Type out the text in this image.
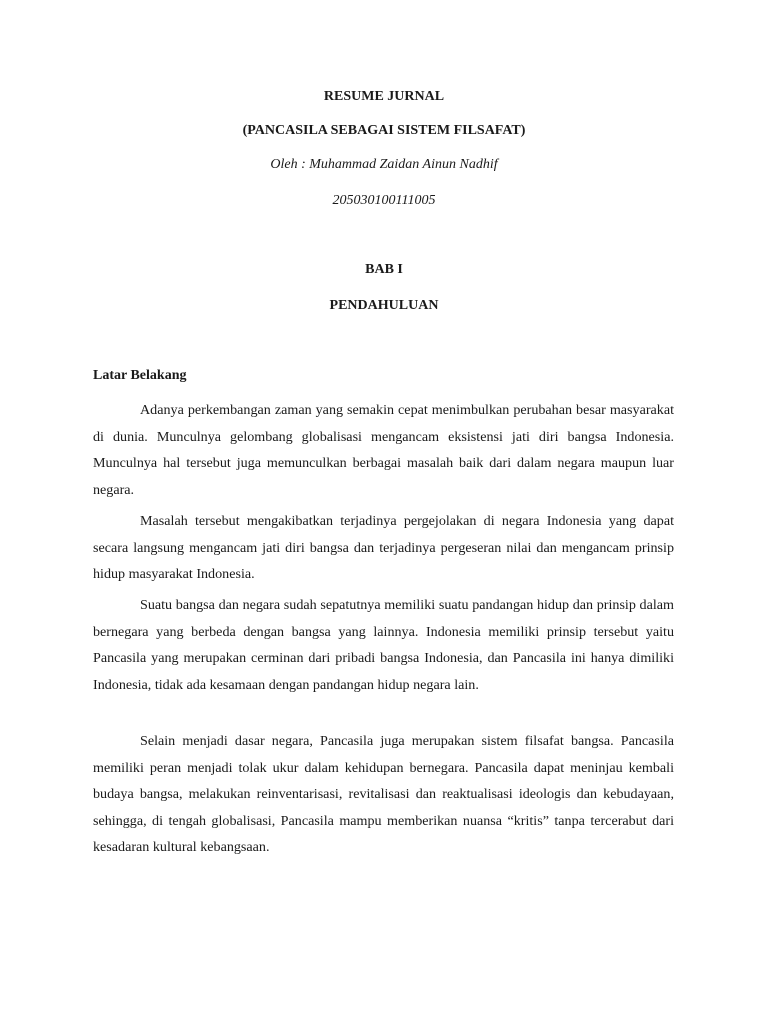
RESUME JURNAL
(PANCASILA SEBAGAI SISTEM FILSAFAT)
Oleh : Muhammad Zaidan Ainun Nadhif
205030100111005
BAB I
PENDAHULUAN
Latar Belakang

Adanya perkembangan zaman yang semakin cepat menimbulkan perubahan besar masyarakat di dunia. Munculnya gelombang globalisasi mengancam eksistensi jati diri bangsa Indonesia. Munculnya hal tersebut juga memunculkan berbagai masalah baik dari dalam negara maupun luar negara.

Masalah tersebut mengakibatkan terjadinya pergejolakan di negara Indonesia yang dapat secara langsung mengancam jati diri bangsa dan terjadinya pergeseran nilai dan mengancam prinsip hidup masyarakat Indonesia.

Suatu bangsa dan negara sudah sepatutnya memiliki suatu pandangan hidup dan prinsip dalam bernegara yang berbeda dengan bangsa yang lainnya. Indonesia memiliki prinsip tersebut yaitu Pancasila yang merupakan cerminan dari pribadi bangsa Indonesia, dan Pancasila ini hanya dimiliki Indonesia, tidak ada kesamaan dengan pandangan hidup negara lain.

Selain menjadi dasar negara, Pancasila juga merupakan sistem filsafat bangsa. Pancasila memiliki peran menjadi tolak ukur dalam kehidupan bernegara. Pancasila dapat meninjau kembali budaya bangsa, melakukan reinventarisasi, revitalisasi dan reaktualisasi ideologis dan kebudayaan, sehingga, di tengah globalisasi, Pancasila mampu memberikan nuansa “kritis” tanpa tercerabut dari kesadaran kultural kebangsaan.
